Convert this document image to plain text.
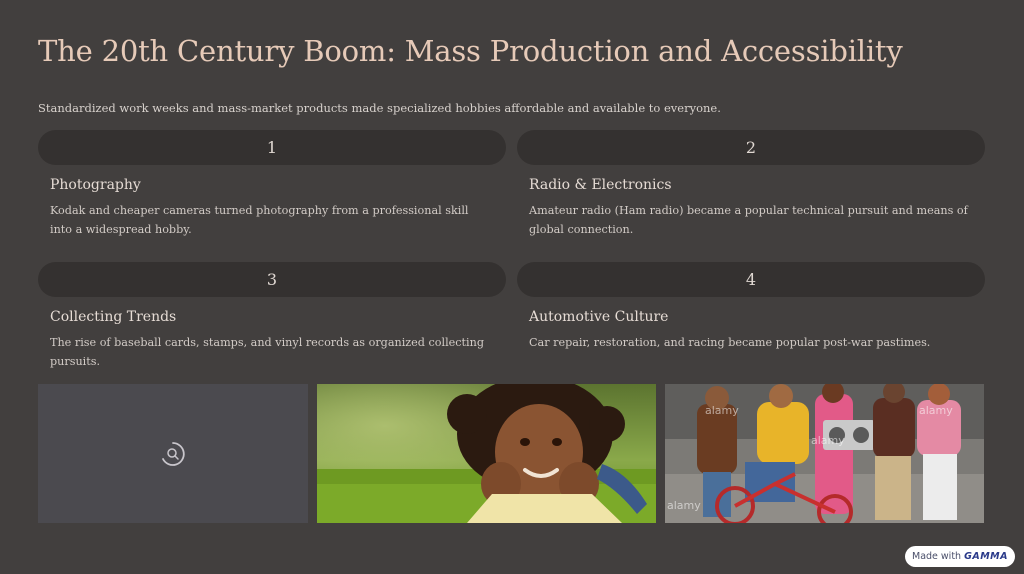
The 20th Century Boom: Mass Production and Accessibility
Standardized work weeks and mass-market products made specialized hobbies affordable and available to everyone.
1
Photography
Kodak and cheaper cameras turned photography from a professional skill into a widespread hobby.
2
Radio & Electronics
Amateur radio (Ham radio) became a popular technical pursuit and means of global connection.
3
Collecting Trends
The rise of baseball cards, stamps, and vinyl records as organized collecting pursuits.
4
Automotive Culture
Car repair, restoration, and racing became popular post-war pastimes.
alamy
alamy
alamy
alamy
Made with GAMMA
